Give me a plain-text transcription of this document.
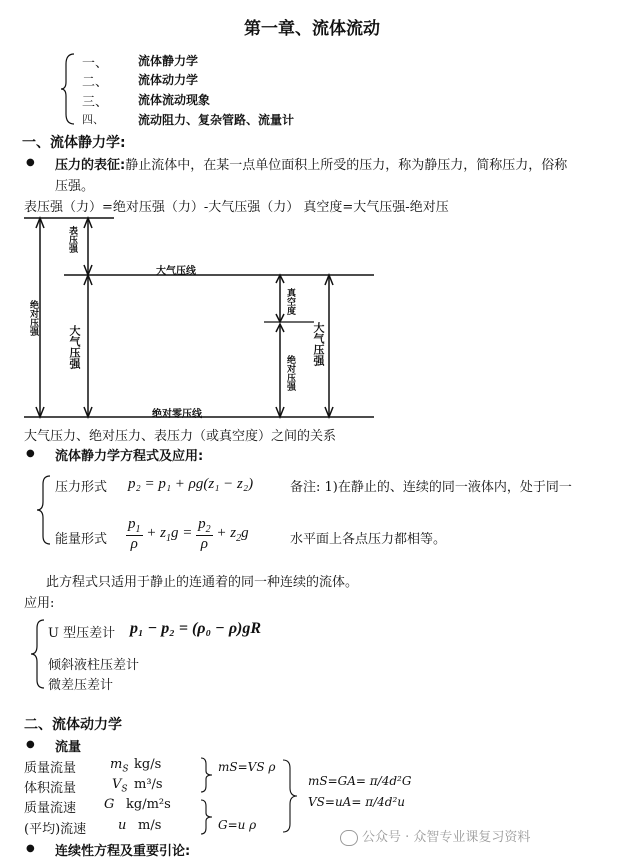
第一章、流体流动
一、 流体静力学
二、 流体动力学
三、 流体流动现象
四、	流动阻力、复杂管路、流量计
一、流体静力学:
● 压力的表征:静止流体中，在某一点单位面积上所受的压力，称为静压力，简称压力，俗称
压强。
表压强（力）=绝对压强（力）-大气压强（力） 真空度=大气压强-绝对压
表压强
大气压线
绝对压强
大气压强
绝对零压线
真空度
绝对压强
大气压强
大气压力、绝对压力、表压力（或真空度）之间的关系
● 流体静力学方程式及应用:
压力形式 p₂ = p₁ + ρg(z₁ − z₂)	备注: 1)在静止的、连续的同一液体内，处于同一
能量形式 $\frac{p_1}{\rho} + z_1g = \frac{p_2}{\rho} + z_2g$	水平面上各点压力都相等。
此方程式只适用于静止的连通着的同一种连续的流体。
应用:
U 型压差计 p₁ − p₂ = (ρ₀ − ρ)gR
倾斜液柱压差计
微差压差计
二、流体动力学
● 流量
质量流量	$m_S$ kg/s
体积流量	$V_S$ m³/s
质量流速 G kg/m²s
(平均)流速 u m/s
mS=VS ρ
G=u ρ
mS=GA= π/4d²G
VS=uA= π/4d²u
● 连续性方程及重要引论:
公众号 · 众智专业课复习资料
